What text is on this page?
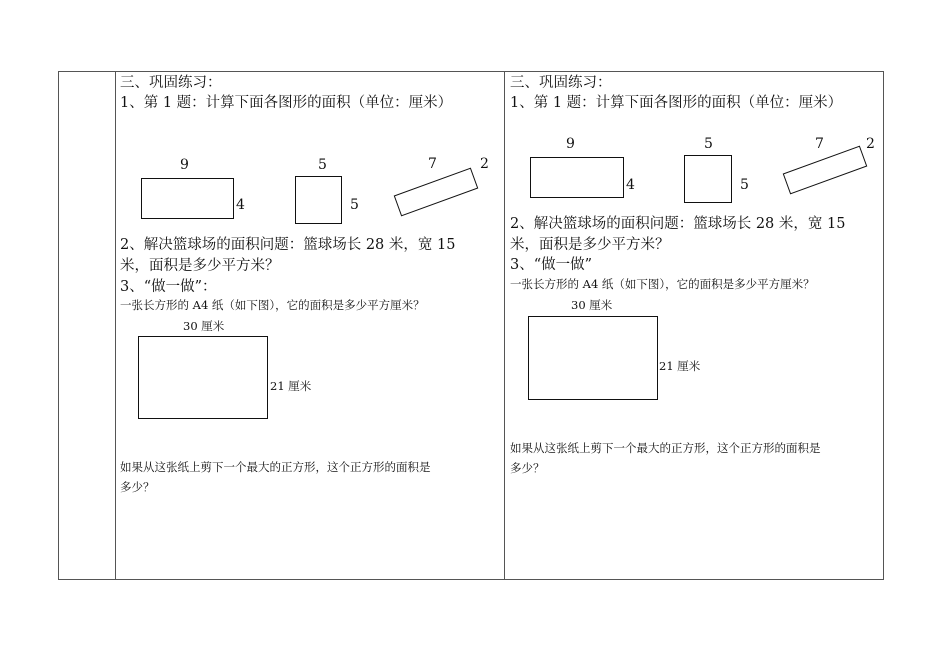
三、巩固练习：
1、第 1 题：计算下面各图形的面积（单位：厘米）
9
4
5
5
7	2
2、解决篮球场的面积问题：篮球场长 28 米，宽 15
米，面积是多少平方米？
3、“做一做”：
一张长方形的 A4 纸（如下图），它的面积是多少平方厘米？
30 厘米
21 厘米
如果从这张纸上剪下一个最大的正方形，这个正方形的面积是
多少？
三、巩固练习：
1、第 1 题：计算下面各图形的面积（单位：厘米）
9
4
5
5
7	2
2、解决篮球场的面积问题：篮球场长 28 米，宽 15
米，面积是多少平方米？
3、“做一做”
一张长方形的 A4 纸（如下图），它的面积是多少平方厘米？
30 厘米
21 厘米
如果从这张纸上剪下一个最大的正方形，这个正方形的面积是
多少？
